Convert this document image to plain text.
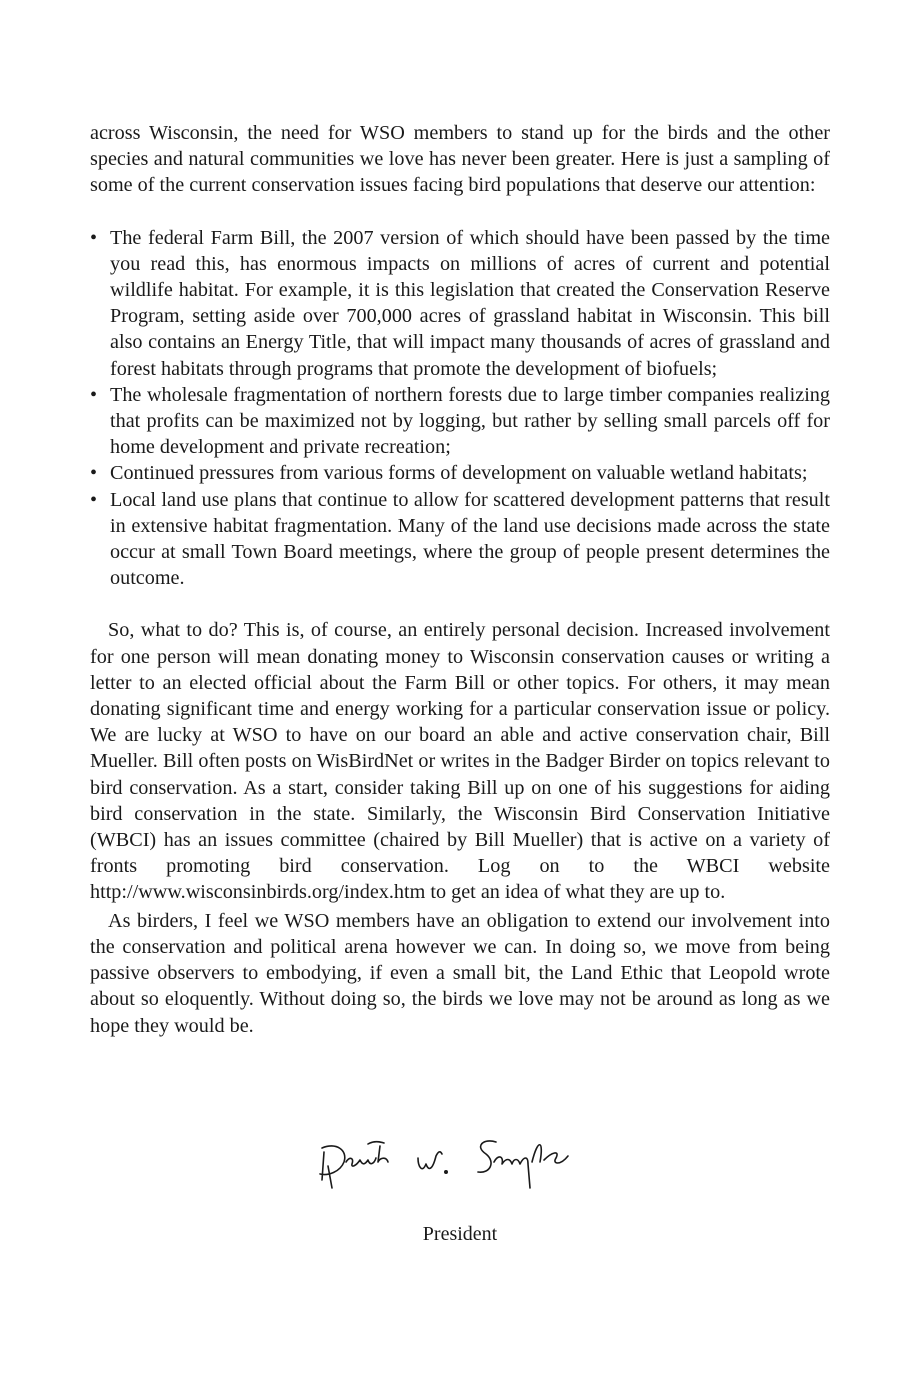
across Wisconsin, the need for WSO members to stand up for the birds and the other species and natural communities we love has never been greater. Here is just a sampling of some of the current conservation issues facing bird populations that deserve our attention:

• The federal Farm Bill, the 2007 version of which should have been passed by the time you read this, has enormous impacts on millions of acres of current and potential wildlife habitat. For example, it is this legislation that created the Conservation Reserve Program, setting aside over 700,000 acres of grassland habitat in Wisconsin. This bill also contains an Energy Title, that will impact many thousands of acres of grassland and forest habitats through programs that promote the development of biofuels;
• The wholesale fragmentation of northern forests due to large timber companies realizing that profits can be maximized not by logging, but rather by selling small parcels off for home development and private recreation;
• Continued pressures from various forms of development on valuable wetland habitats;
• Local land use plans that continue to allow for scattered development patterns that result in extensive habitat fragmentation. Many of the land use decisions made across the state occur at small Town Board meetings, where the group of people present determines the outcome.

So, what to do? This is, of course, an entirely personal decision. Increased involvement for one person will mean donating money to Wisconsin conservation causes or writing a letter to an elected official about the Farm Bill or other topics. For others, it may mean donating significant time and energy working for a particular conservation issue or policy. We are lucky at WSO to have on our board an able and active conservation chair, Bill Mueller. Bill often posts on WisBirdNet or writes in the Badger Birder on topics relevant to bird conservation. As a start, consider taking Bill up on one of his suggestions for aiding bird conservation in the state. Similarly, the Wisconsin Bird Conservation Initiative (WBCI) has an issues committee (chaired by Bill Mueller) that is active on a variety of fronts promoting bird conservation. Log on to the WBCI website http://www.wisconsinbirds.org/index.htm to get an idea of what they are up to.

As birders, I feel we WSO members have an obligation to extend our involvement into the conservation and political arena however we can. In doing so, we move from being passive observers to embodying, if even a small bit, the Land Ethic that Leopold wrote about so eloquently. Without doing so, the birds we love may not be around as long as we hope they would be.

President
